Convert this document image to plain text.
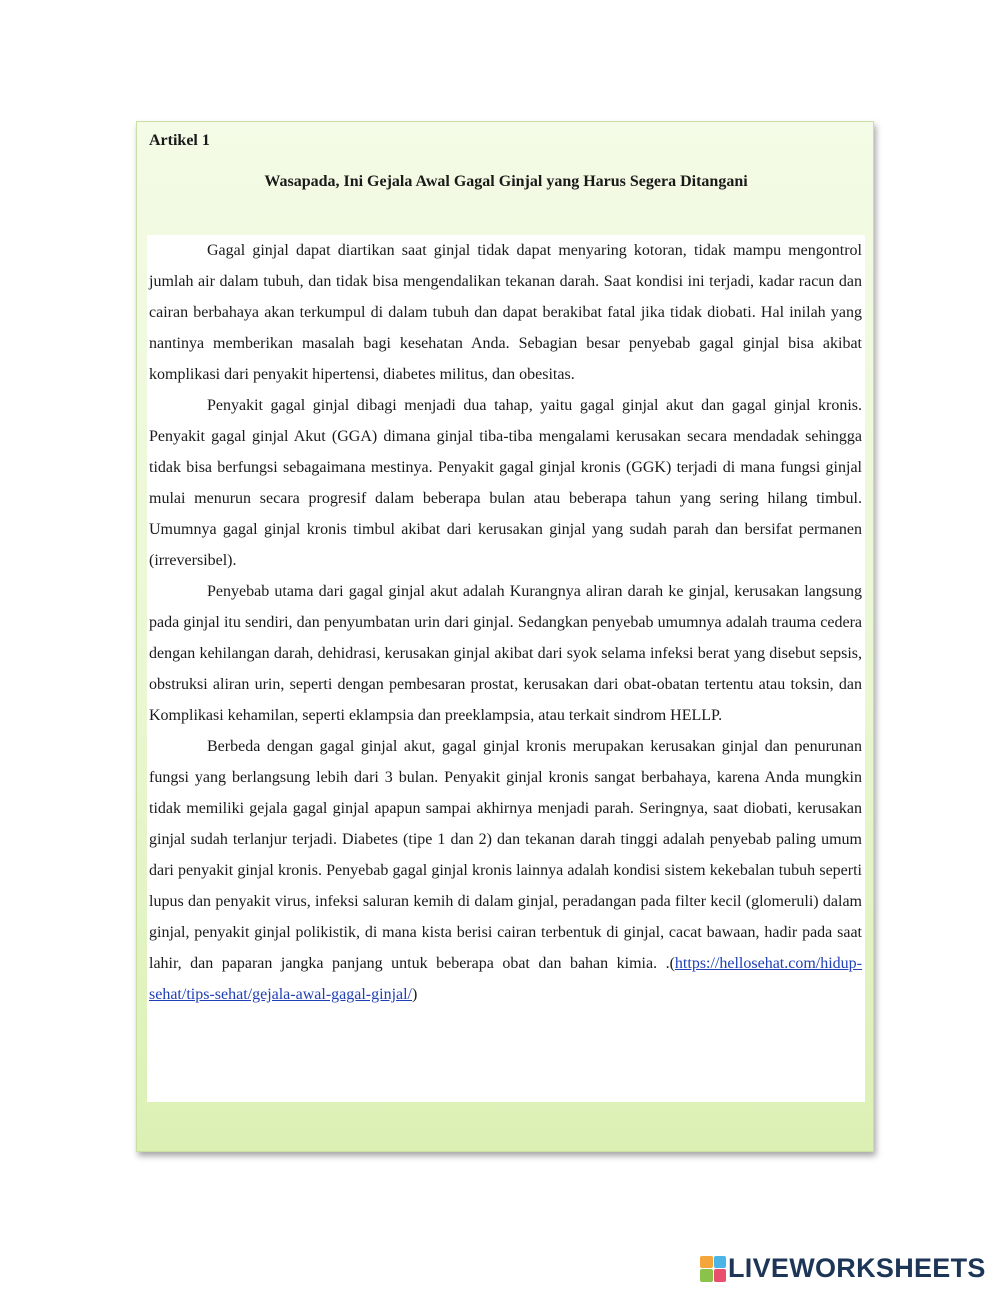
Artikel 1
Wasapada, Ini Gejala Awal Gagal Ginjal yang Harus Segera Ditangani

Gagal ginjal dapat diartikan saat ginjal tidak dapat menyaring kotoran, tidak mampu mengontrol jumlah air dalam tubuh, dan tidak bisa mengendalikan tekanan darah. Saat kondisi ini terjadi, kadar racun dan cairan berbahaya akan terkumpul di dalam tubuh dan dapat berakibat fatal jika tidak diobati. Hal inilah yang nantinya memberikan masalah bagi kesehatan Anda. Sebagian besar penyebab gagal ginjal bisa akibat komplikasi dari penyakit hipertensi, diabetes militus, dan obesitas.

Penyakit gagal ginjal dibagi menjadi dua tahap, yaitu gagal ginjal akut dan gagal ginjal kronis. Penyakit gagal ginjal Akut (GGA) dimana ginjal tiba-tiba mengalami kerusakan secara mendadak sehingga tidak bisa berfungsi sebagaimana mestinya. Penyakit gagal ginjal kronis (GGK) terjadi di mana fungsi ginjal mulai menurun secara progresif dalam beberapa bulan atau beberapa tahun yang sering hilang timbul. Umumnya gagal ginjal kronis timbul akibat dari kerusakan ginjal yang sudah parah dan bersifat permanen (irreversibel).

Penyebab utama dari gagal ginjal akut adalah Kurangnya aliran darah ke ginjal, kerusakan langsung pada ginjal itu sendiri, dan penyumbatan urin dari ginjal. Sedangkan penyebab umumnya adalah trauma cedera dengan kehilangan darah, dehidrasi, kerusakan ginjal akibat dari syok selama infeksi berat yang disebut sepsis, obstruksi aliran urin, seperti dengan pembesaran prostat, kerusakan dari obat-obatan tertentu atau toksin, dan Komplikasi kehamilan, seperti eklampsia dan preeklampsia, atau terkait sindrom HELLP.

Berbeda dengan gagal ginjal akut, gagal ginjal kronis merupakan kerusakan ginjal dan penurunan fungsi yang berlangsung lebih dari 3 bulan. Penyakit ginjal kronis sangat berbahaya, karena Anda mungkin tidak memiliki gejala gagal ginjal apapun sampai akhirnya menjadi parah. Seringnya, saat diobati, kerusakan ginjal sudah terlanjur terjadi. Diabetes (tipe 1 dan 2) dan tekanan darah tinggi adalah penyebab paling umum dari penyakit ginjal kronis. Penyebab gagal ginjal kronis lainnya adalah kondisi sistem kekebalan tubuh seperti lupus dan penyakit virus, infeksi saluran kemih di dalam ginjal, peradangan pada filter kecil (glomeruli) dalam ginjal, penyakit ginjal polikistik, di mana kista berisi cairan terbentuk di ginjal, cacat bawaan, hadir pada saat lahir, dan paparan jangka panjang untuk beberapa obat dan bahan kimia. .(https://hellosehat.com/hidup-sehat/tips-sehat/gejala-awal-gagal-ginjal/)

LIVEWORKSHEETS
